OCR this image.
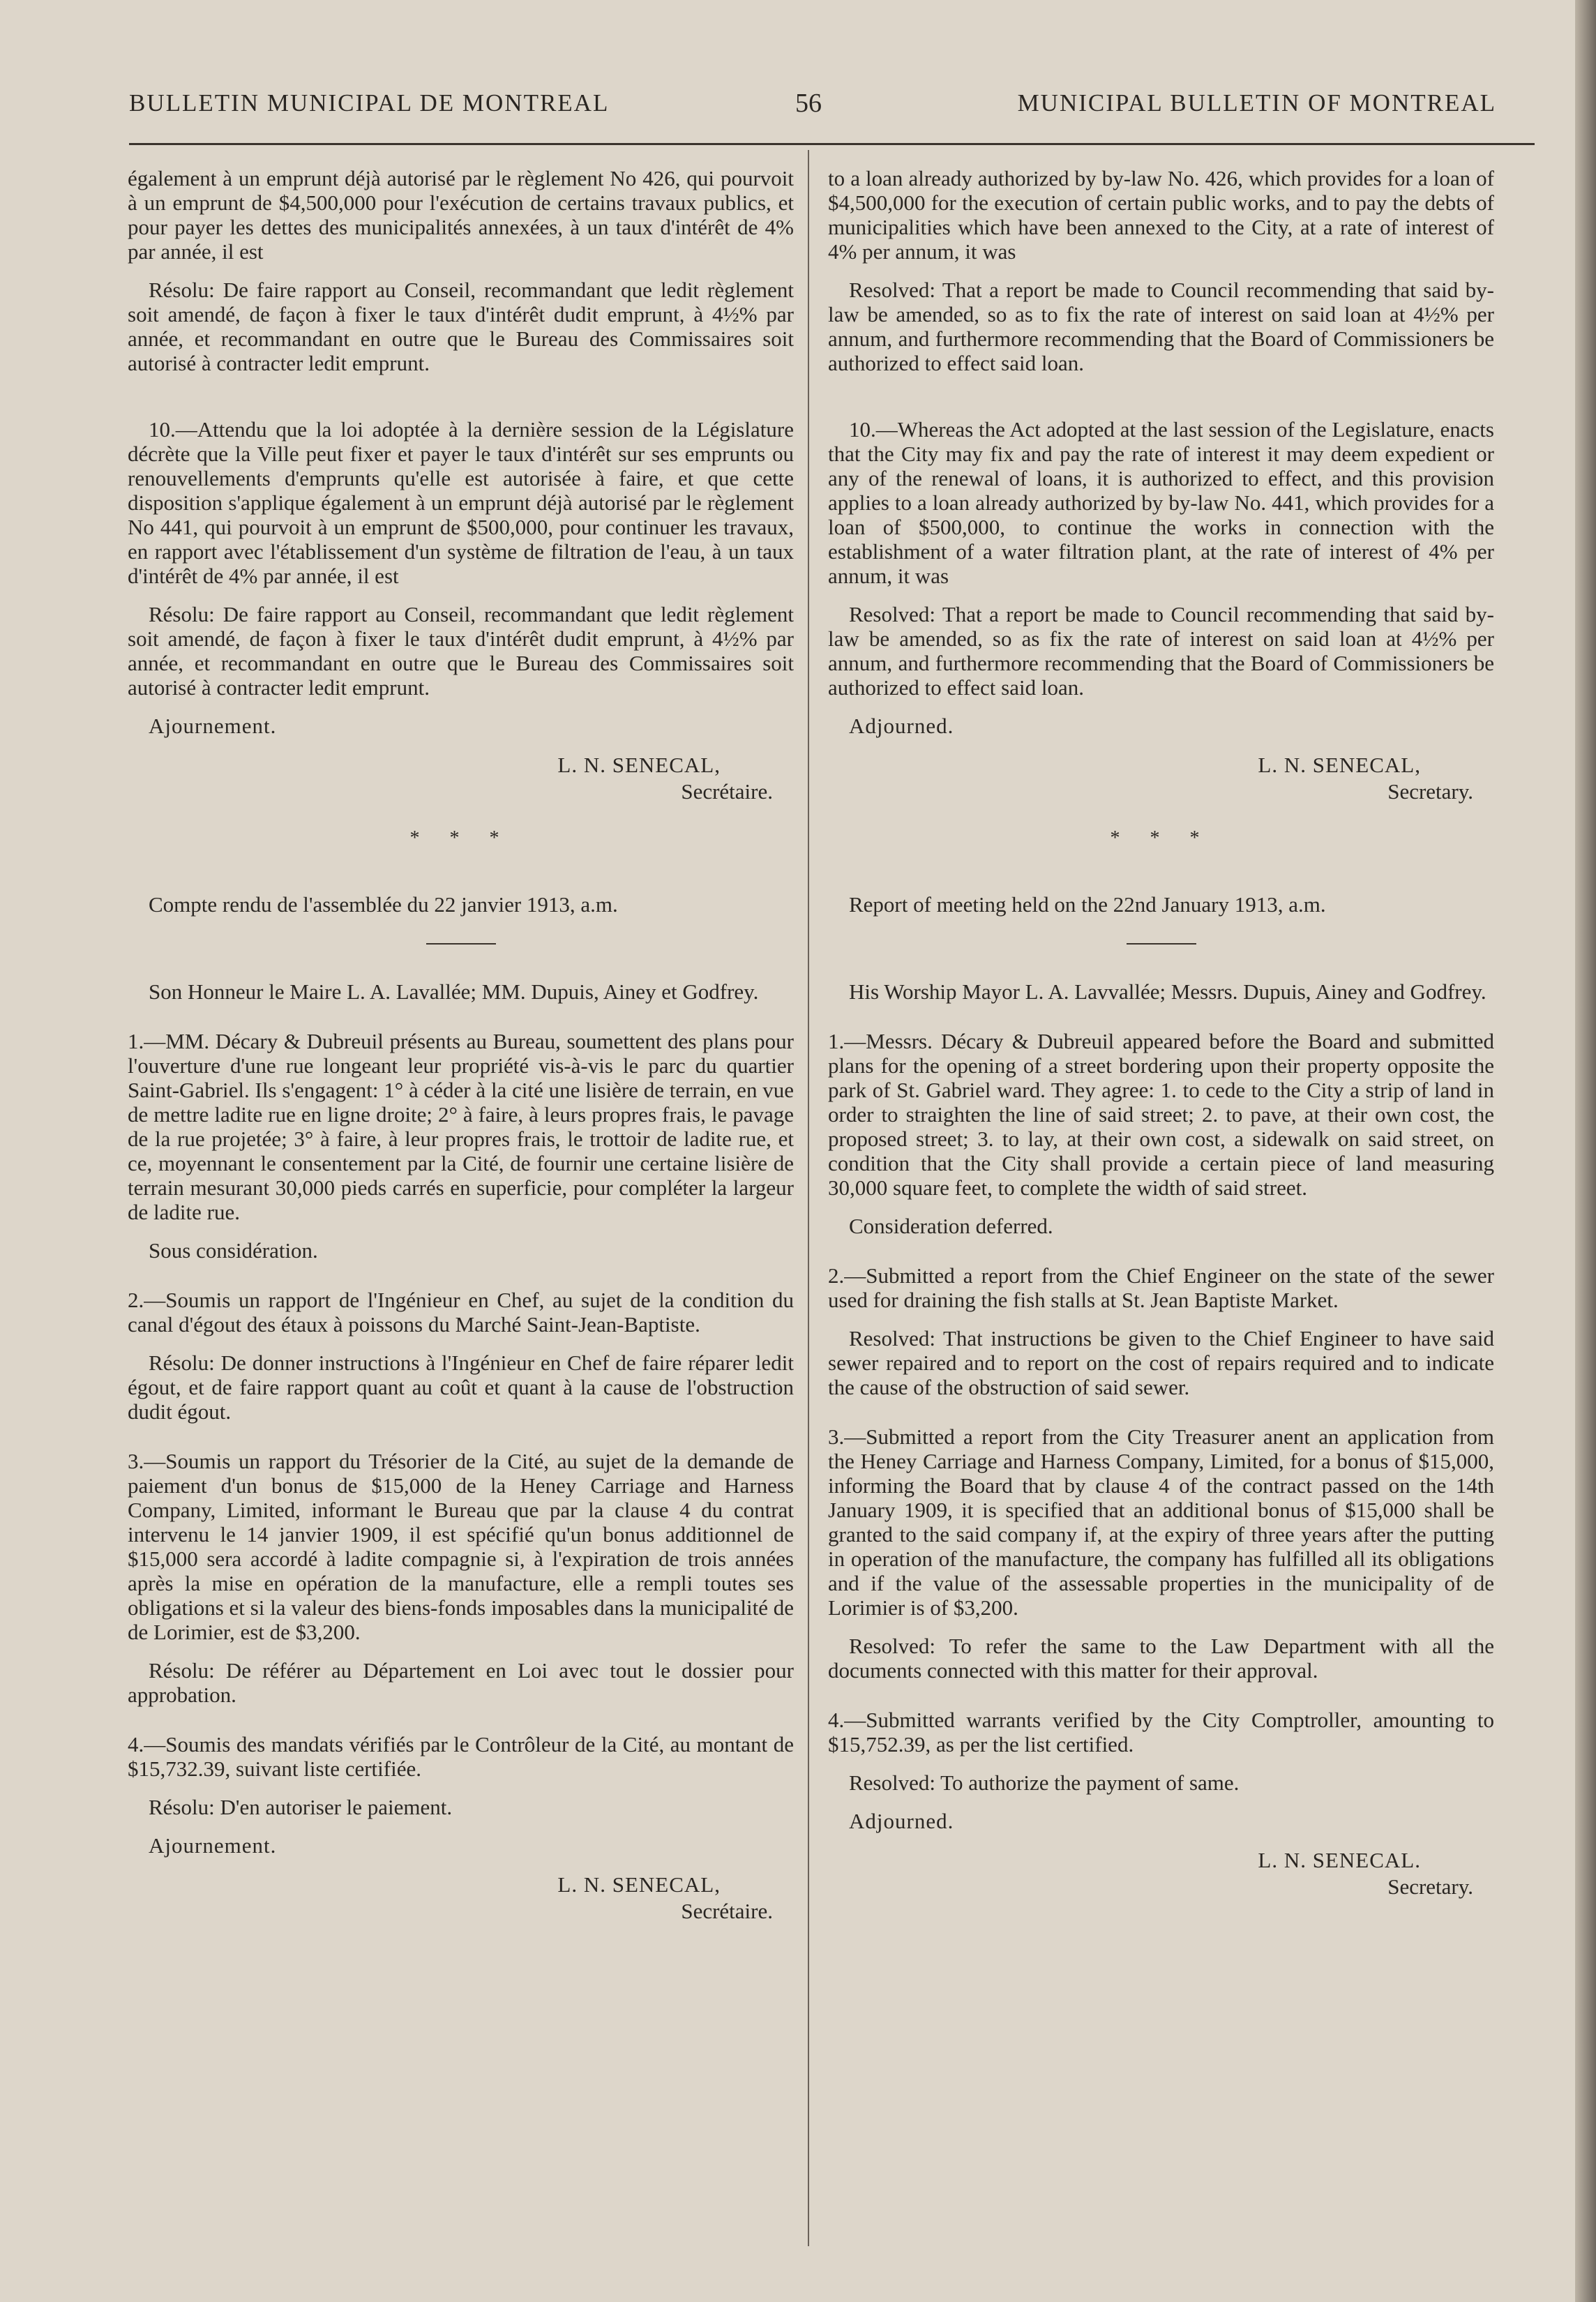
BULLETIN MUNICIPAL DE MONTREAL	56	MUNICIPAL BULLETIN OF MONTREAL

également à un emprunt déjà autorisé par le règlement No 426, qui pourvoit à un emprunt de $4,500,000 pour l'exécution de certains travaux publics, et pour payer les dettes des municipalités annexées, à un taux d'intérêt de 4% par année, il est

Résolu: De faire rapport au Conseil, recommandant que ledit règlement soit amendé, de façon à fixer le taux d'intérêt dudit emprunt, à 4½% par année, et recommandant en outre que le Bureau des Commissaires soit autorisé à contracter ledit emprunt.

10.—Attendu que la loi adoptée à la dernière session de la Législature décrète que la Ville peut fixer et payer le taux d'intérêt sur ses emprunts ou renouvellements d'emprunts qu'elle est autorisée à faire, et que cette disposition s'applique également à un emprunt déjà autorisé par le règlement No 441, qui pourvoit à un emprunt de $500,000, pour continuer les travaux, en rapport avec l'établissement d'un système de filtration de l'eau, à un taux d'intérêt de 4% par année, il est

Résolu: De faire rapport au Conseil, recommandant que ledit règlement soit amendé, de façon à fixer le taux d'intérêt dudit emprunt, à 4½% par année, et recommandant en outre que le Bureau des Commissaires soit autorisé à contracter ledit emprunt.

Ajournement.

L. N. SENECAL,
Secrétaire.
* * *

Compte rendu de l'assemblée du 22 janvier 1913, a.m.

Son Honneur le Maire L. A. Lavallée; MM. Dupuis, Ainey et Godfrey.

1.—MM. Décary & Dubreuil présents au Bureau, soumettent des plans pour l'ouverture d'une rue longeant leur propriété vis-à-vis le parc du quartier Saint-Gabriel. Ils s'engagent: 1° à céder à la cité une lisière de terrain, en vue de mettre ladite rue en ligne droite; 2° à faire, à leurs propres frais, le pavage de la rue projetée; 3° à faire, à leur propres frais, le trottoir de ladite rue, et ce, moyennant le consentement par la Cité, de fournir une certaine lisière de terrain mesurant 30,000 pieds carrés en superficie, pour compléter la largeur de ladite rue.

Sous considération.

2.—Soumis un rapport de l'Ingénieur en Chef, au sujet de la condition du canal d'égout des étaux à poissons du Marché Saint-Jean-Baptiste.

Résolu: De donner instructions à l'Ingénieur en Chef de faire réparer ledit égout, et de faire rapport quant au coût et quant à la cause de l'obstruction dudit égout.

3.—Soumis un rapport du Trésorier de la Cité, au sujet de la demande de paiement d'un bonus de $15,000 de la Heney Carriage and Harness Company, Limited, informant le Bureau que par la clause 4 du contrat intervenu le 14 janvier 1909, il est spécifié qu'un bonus additionnel de $15,000 sera accordé à ladite compagnie si, à l'expiration de trois années après la mise en opération de la manufacture, elle a rempli toutes ses obligations et si la valeur des biens-fonds imposables dans la municipalité de de Lorimier, est de $3,200.

Résolu: De référer au Département en Loi avec tout le dossier pour approbation.

4.—Soumis des mandats vérifiés par le Contrôleur de la Cité, au montant de $15,732.39, suivant liste certifiée.

Résolu: D'en autoriser le paiement.

Ajournement.

L. N. SENECAL,
Secrétaire.

to a loan already authorized by by-law No. 426, which provides for a loan of $4,500,000 for the execution of certain public works, and to pay the debts of municipalities which have been annexed to the City, at a rate of interest of 4% per annum, it was

Resolved: That a report be made to Council recommending that said by-law be amended, so as to fix the rate of interest on said loan at 4½% per annum, and furthermore recommending that the Board of Commissioners be authorized to effect said loan.

10.—Whereas the Act adopted at the last session of the Legislature, enacts that the City may fix and pay the rate of interest it may deem expedient or any of the renewal of loans, it is authorized to effect, and this provision applies to a loan already authorized by by-law No. 441, which provides for a loan of $500,000, to continue the works in connection with the establishment of a water filtration plant, at the rate of interest of 4% per annum, it was

Resolved: That a report be made to Council recommending that said by-law be amended, so as fix the rate of interest on said loan at 4½% per annum, and furthermore recommending that the Board of Commissioners be authorized to effect said loan.

Adjourned.

L. N. SENECAL,
Secretary.
* * *

Report of meeting held on the 22nd January 1913, a.m.

His Worship Mayor L. A. Lavvallée; Messrs. Dupuis, Ainey and Godfrey.

1.—Messrs. Décary & Dubreuil appeared before the Board and submitted plans for the opening of a street bordering upon their property opposite the park of St. Gabriel ward. They agree: 1. to cede to the City a strip of land in order to straighten the line of said street; 2. to pave, at their own cost, the proposed street; 3. to lay, at their own cost, a sidewalk on said street, on condition that the City shall provide a certain piece of land measuring 30,000 square feet, to complete the width of said street.

Consideration deferred.

2.—Submitted a report from the Chief Engineer on the state of the sewer used for draining the fish stalls at St. Jean Baptiste Market.

Resolved: That instructions be given to the Chief Engineer to have said sewer repaired and to report on the cost of repairs required and to indicate the cause of the obstruction of said sewer.

3.—Submitted a report from the City Treasurer anent an application from the Heney Carriage and Harness Company, Limited, for a bonus of $15,000, informing the Board that by clause 4 of the contract passed on the 14th January 1909, it is specified that an additional bonus of $15,000 shall be granted to the said company if, at the expiry of three years after the putting in operation of the manufacture, the company has fulfilled all its obligations and if the value of the assessable properties in the municipality of de Lorimier is of $3,200.

Resolved: To refer the same to the Law Department with all the documents connected with this matter for their approval.

4.—Submitted warrants verified by the City Comptroller, amounting to $15,752.39, as per the list certified.

Resolved: To authorize the payment of same.

Adjourned.

L. N. SENECAL.
Secretary.
